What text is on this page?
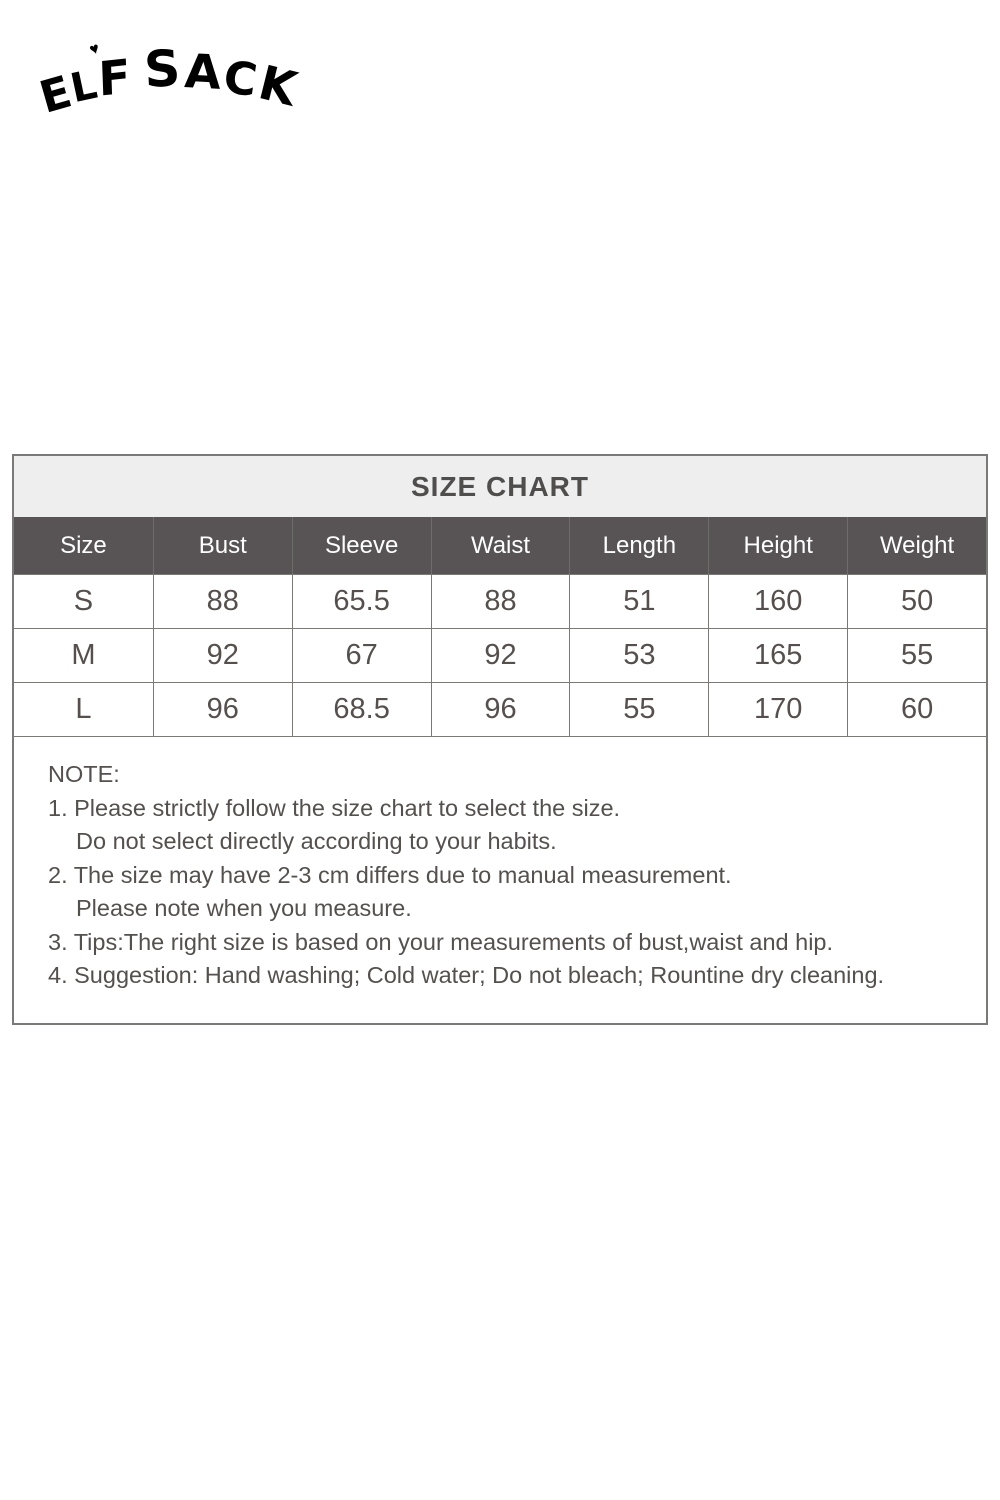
♥
E L F S A C K
SIZE CHART
Size	Bust	Sleeve	Waist	Length	Height	Weight
S	88	65.5	88	51	160	50
M	92	67	92	53	165	55
L	96	68.5	96	55	170	60
NOTE:
1. Please strictly follow the size chart to select the size.
Do not select directly according to your habits.
2. The size may have 2-3 cm differs due to manual measurement.
Please note when you measure.
3. Tips:The right size is based on your measurements of bust,waist and hip.
4. Suggestion: Hand washing; Cold water; Do not bleach; Rountine dry cleaning.
